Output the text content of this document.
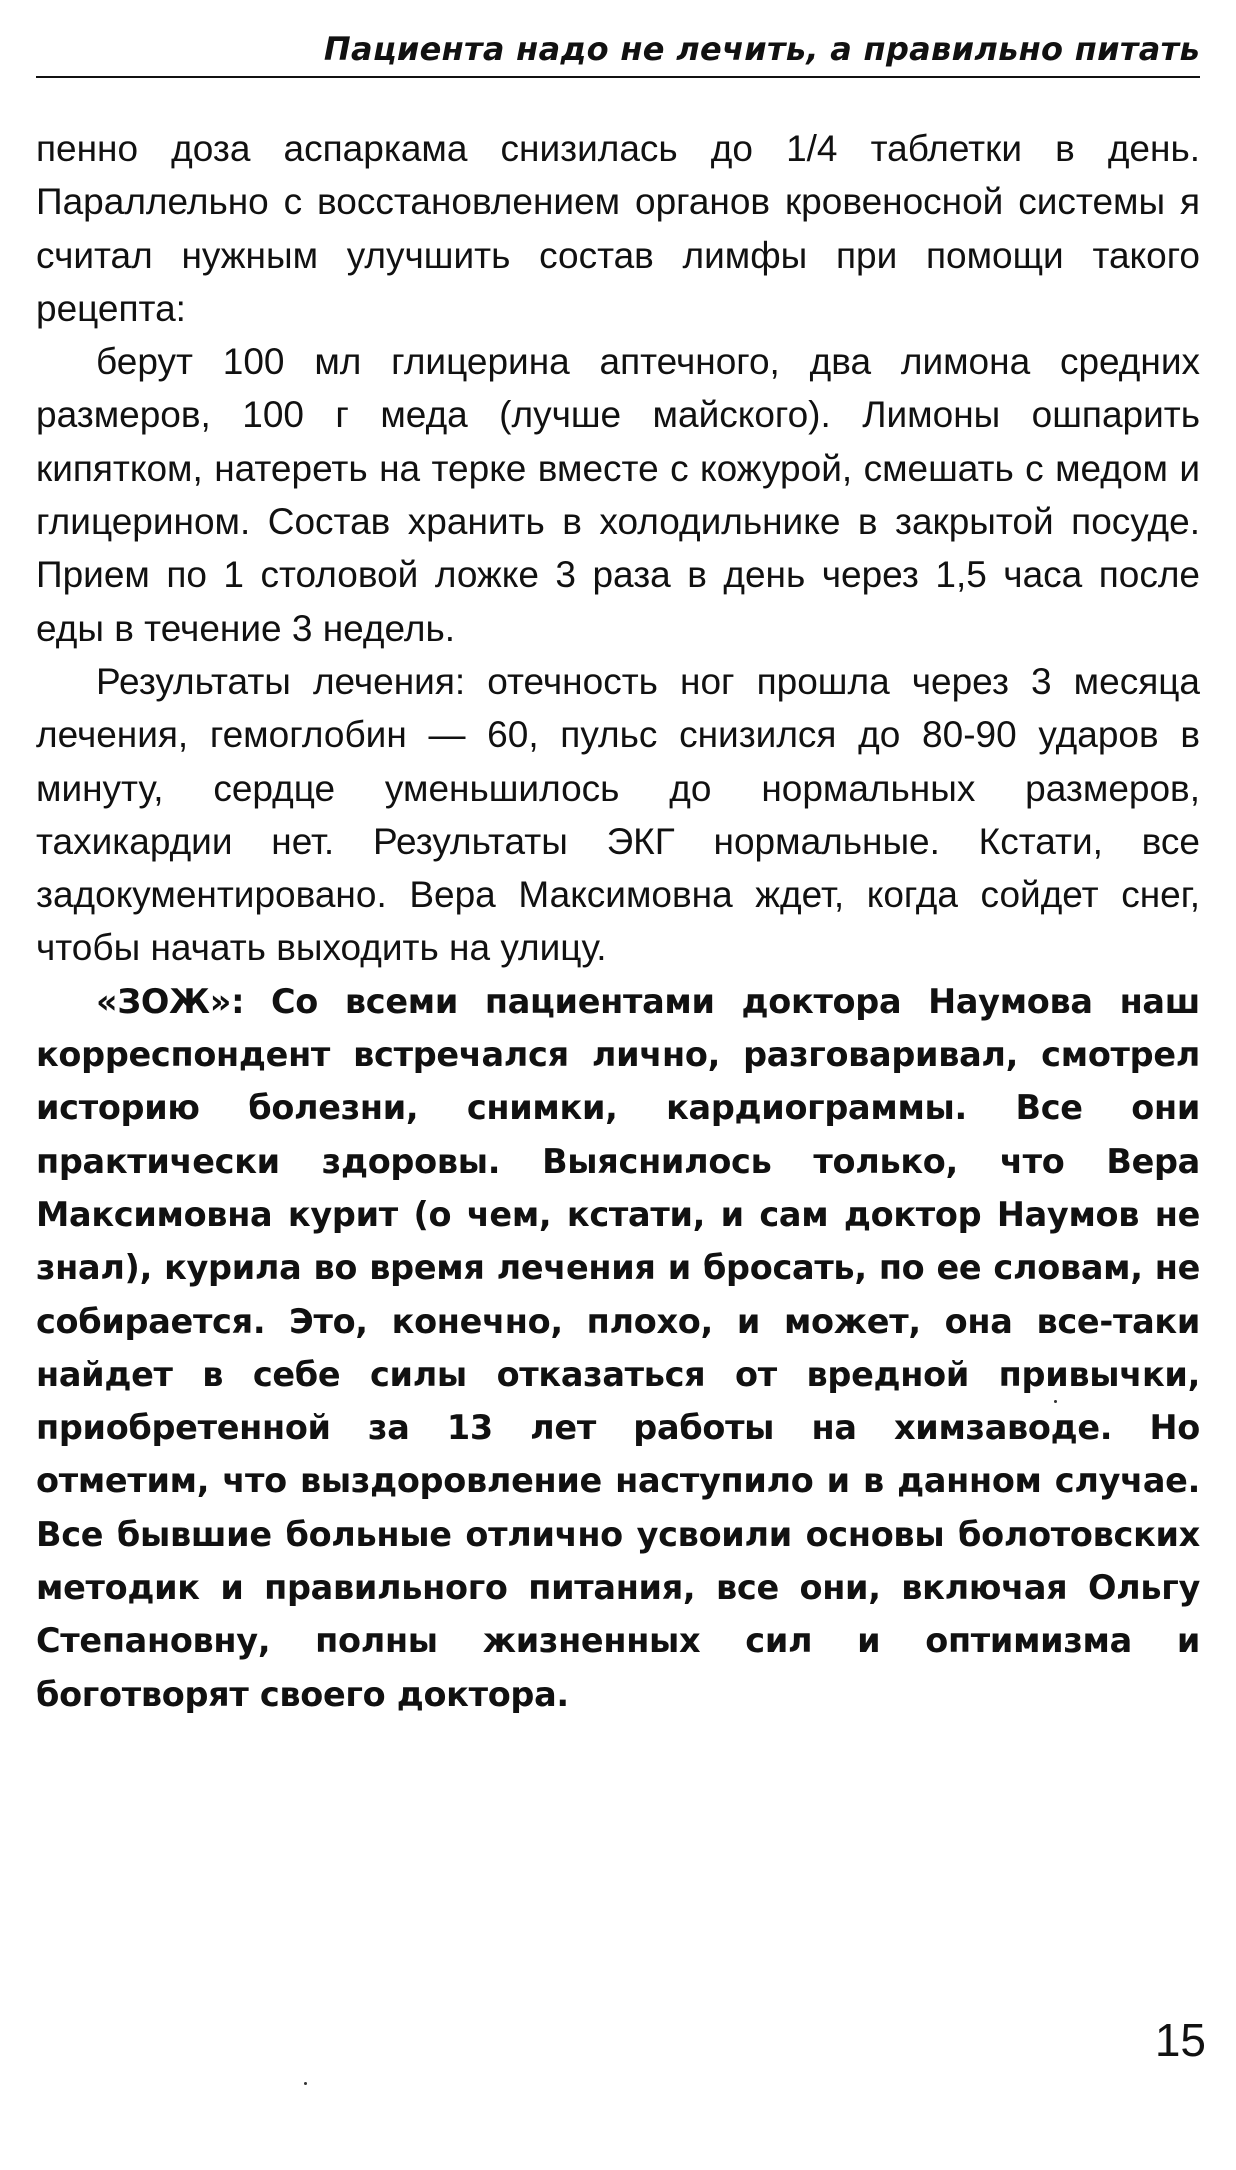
Пациента надо не лечить, а правильно питать

пенно доза аспаркама снизилась до 1/4 таблетки в день. Параллельно с восстановлением органов кровеносной системы я считал нужным улучшить состав лимфы при помощи такого рецепта:

берут 100 мл глицерина аптечного, два лимона средних размеров, 100 г меда (лучше майского). Лимоны ошпарить кипятком, натереть на терке вместе с кожурой, смешать с медом и глицерином. Состав хранить в холодильнике в закрытой посуде. Прием по 1 столовой ложке 3 раза в день через 1,5 часа после еды в течение 3 недель.

Результаты лечения: отечность ног прошла через 3 месяца лечения, гемоглобин — 60, пульс снизился до 80-90 ударов в минуту, сердце уменьшилось до нормальных размеров, тахикардии нет. Результаты ЭКГ нормальные. Кстати, все задокументировано. Вера Максимовна ждет, когда сойдет снег, чтобы начать выходить на улицу.

«ЗОЖ»: Со всеми пациентами доктора Наумова наш корреспондент встречался лично, разговаривал, смотрел историю болезни, снимки, кардиограммы. Все они практически здоровы. Выяснилось только, что Вера Максимовна курит (о чем, кстати, и сам доктор Наумов не знал), курила во время лечения и бросать, по ее словам, не собирается. Это, конечно, плохо, и может, она все-таки найдет в себе силы отказаться от вредной привычки, приобретенной за 13 лет работы на химзаводе. Но отметим, что выздоровление наступило и в данном случае. Все бывшие больные отлично усвоили основы болотовских методик и правильного питания, все они, включая Ольгу Степановну, полны жизненных сил и оптимизма и боготворят своего доктора.

15
